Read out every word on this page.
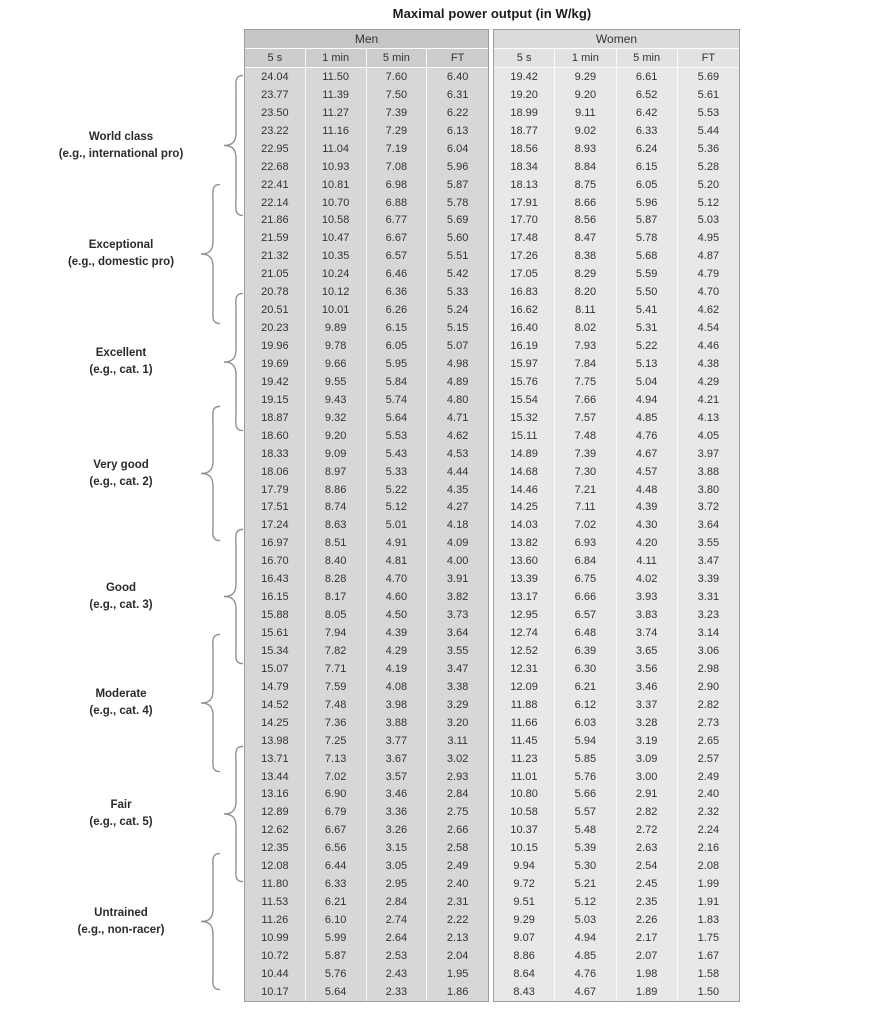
Maximal power output (in W/kg)
Men
5 s	1 min	5 min	FT
24.04	11.50	7.60	6.40
23.77	11.39	7.50	6.31
23.50	11.27	7.39	6.22
23.22	11.16	7.29	6.13
22.95	11.04	7.19	6.04
22.68	10.93	7.08	5.96
22.41	10.81	6.98	5.87
22.14	10.70	6.88	5.78
21.86	10.58	6.77	5.69
21.59	10.47	6.67	5.60
21.32	10.35	6.57	5.51
21.05	10.24	6.46	5.42
20.78	10.12	6.36	5.33
20.51	10.01	6.26	5.24
20.23	9.89	6.15	5.15
19.96	9.78	6.05	5.07
19.69	9.66	5.95	4.98
19.42	9.55	5.84	4.89
19.15	9.43	5.74	4.80
18.87	9.32	5.64	4.71
18.60	9.20	5.53	4.62
18.33	9.09	5.43	4.53
18.06	8.97	5.33	4.44
17.79	8.86	5.22	4.35
17.51	8.74	5.12	4.27
17.24	8.63	5.01	4.18
16.97	8.51	4.91	4.09
16.70	8.40	4.81	4.00
16.43	8.28	4.70	3.91
16.15	8.17	4.60	3.82
15.88	8.05	4.50	3.73
15.61	7.94	4.39	3.64
15.34	7.82	4.29	3.55
15.07	7.71	4.19	3.47
14.79	7.59	4.08	3.38
14.52	7.48	3.98	3.29
14.25	7.36	3.88	3.20
13.98	7.25	3.77	3.11
13.71	7.13	3.67	3.02
13.44	7.02	3.57	2.93
13.16	6.90	3.46	2.84
12.89	6.79	3.36	2.75
12.62	6.67	3.26	2.66
12.35	6.56	3.15	2.58
12.08	6.44	3.05	2.49
11.80	6.33	2.95	2.40
11.53	6.21	2.84	2.31
11.26	6.10	2.74	2.22
10.99	5.99	2.64	2.13
10.72	5.87	2.53	2.04
10.44	5.76	2.43	1.95
10.17	5.64	2.33	1.86
Women
5 s	1 min	5 min	FT
19.42	9.29	6.61	5.69
19.20	9.20	6.52	5.61
18.99	9.11	6.42	5.53
18.77	9.02	6.33	5.44
18.56	8.93	6.24	5.36
18.34	8.84	6.15	5.28
18.13	8.75	6.05	5.20
17.91	8.66	5.96	5.12
17.70	8.56	5.87	5.03
17.48	8.47	5.78	4.95
17.26	8.38	5.68	4.87
17.05	8.29	5.59	4.79
16.83	8.20	5.50	4.70
16.62	8.11	5.41	4.62
16.40	8.02	5.31	4.54
16.19	7.93	5.22	4.46
15.97	7.84	5.13	4.38
15.76	7.75	5.04	4.29
15.54	7.66	4.94	4.21
15.32	7.57	4.85	4.13
15.11	7.48	4.76	4.05
14.89	7.39	4.67	3.97
14.68	7.30	4.57	3.88
14.46	7.21	4.48	3.80
14.25	7.11	4.39	3.72
14.03	7.02	4.30	3.64
13.82	6.93	4.20	3.55
13.60	6.84	4.11	3.47
13.39	6.75	4.02	3.39
13.17	6.66	3.93	3.31
12.95	6.57	3.83	3.23
12.74	6.48	3.74	3.14
12.52	6.39	3.65	3.06
12.31	6.30	3.56	2.98
12.09	6.21	3.46	2.90
11.88	6.12	3.37	2.82
11.66	6.03	3.28	2.73
11.45	5.94	3.19	2.65
11.23	5.85	3.09	2.57
11.01	5.76	3.00	2.49
10.80	5.66	2.91	2.40
10.58	5.57	2.82	2.32
10.37	5.48	2.72	2.24
10.15	5.39	2.63	2.16
9.94	5.30	2.54	2.08
9.72	5.21	2.45	1.99
9.51	5.12	2.35	1.91
9.29	5.03	2.26	1.83
9.07	4.94	2.17	1.75
8.86	4.85	2.07	1.67
8.64	4.76	1.98	1.58
8.43	4.67	1.89	1.50
World class
(e.g., international pro)
Exceptional
(e.g., domestic pro)
Excellent
(e.g., cat. 1)
Very good
(e.g., cat. 2)
Good
(e.g., cat. 3)
Moderate
(e.g., cat. 4)
Fair
(e.g., cat. 5)
Untrained
(e.g., non-racer)
